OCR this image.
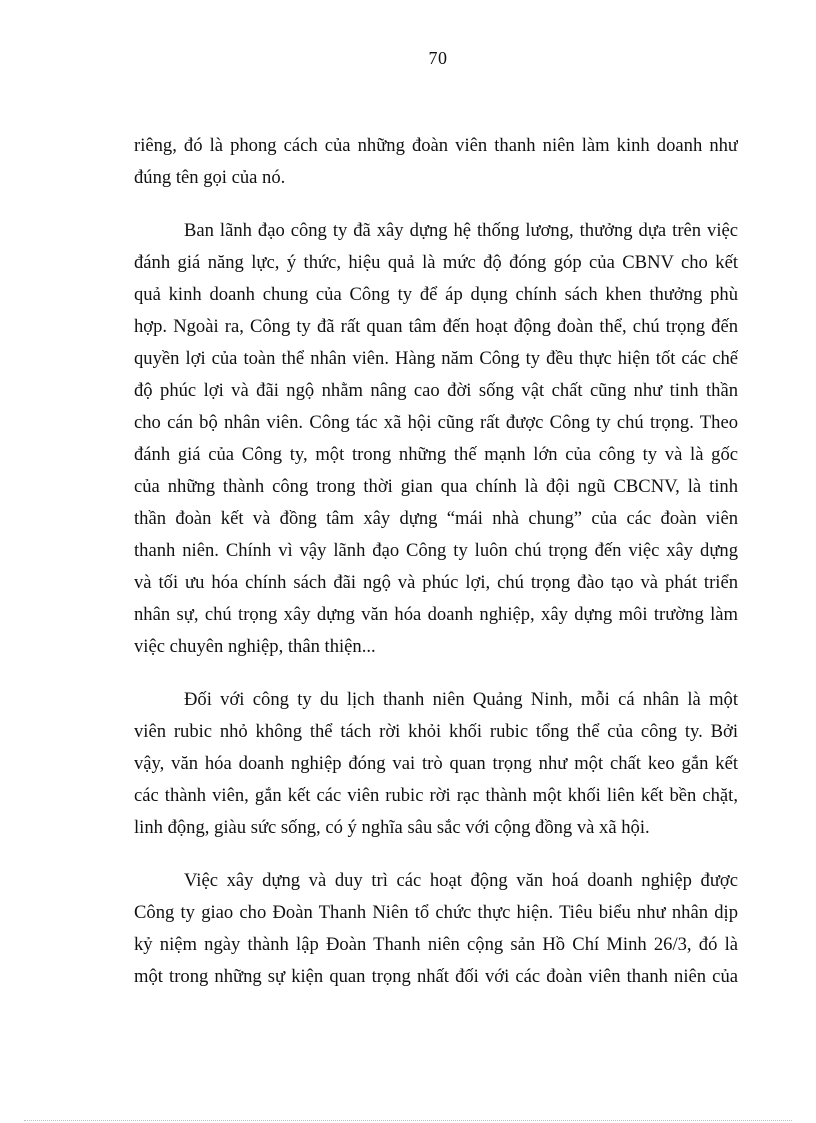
70
riêng, đó là phong cách của những đoàn viên thanh niên làm kinh doanh như
đúng tên gọi của nó.
Ban lãnh đạo công ty đã xây dựng hệ thống lương, thưởng dựa trên việc
đánh giá năng lực, ý thức, hiệu quả là mức độ đóng góp của CBNV cho kết
quả kinh doanh chung của Công ty để áp dụng chính sách khen thưởng phù
hợp. Ngoài ra, Công ty đã rất quan tâm đến hoạt động đoàn thể, chú trọng đến
quyền lợi của toàn thể nhân viên. Hàng năm Công ty đều thực hiện tốt các chế
độ phúc lợi và đãi ngộ nhằm nâng cao đời sống vật chất cũng như tinh thần
cho cán bộ nhân viên. Công tác xã hội cũng rất được Công ty chú trọng. Theo
đánh giá của Công ty, một trong những thế mạnh lớn của công ty và là gốc
của những thành công trong thời gian qua chính là đội ngũ CBCNV, là tinh
thần đoàn kết và đồng tâm xây dựng “mái nhà chung” của các đoàn viên
thanh niên. Chính vì vậy lãnh đạo Công ty luôn chú trọng đến việc xây dựng
và tối ưu hóa chính sách đãi ngộ và phúc lợi, chú trọng đào tạo và phát triển
nhân sự, chú trọng xây dựng văn hóa doanh nghiệp, xây dựng môi trường làm
việc chuyên nghiệp, thân thiện...
Đối với công ty du lịch thanh niên Quảng Ninh, mỗi cá nhân là một
viên rubic nhỏ không thể tách rời khỏi khối rubic tổng thể của công ty. Bởi
vậy, văn hóa doanh nghiệp đóng vai trò quan trọng như một chất keo gắn kết
các thành viên, gắn kết các viên rubic rời rạc thành một khối liên kết bền chặt,
linh động, giàu sức sống, có ý nghĩa sâu sắc với cộng đồng và xã hội.
Việc xây dựng và duy trì các hoạt động văn hoá doanh nghiệp được
Công ty giao cho Đoàn Thanh Niên tổ chức thực hiện. Tiêu biểu như nhân dịp
kỷ niệm ngày thành lập Đoàn Thanh niên cộng sản Hồ Chí Minh 26/3, đó là
một trong những sự kiện quan trọng nhất đối với các đoàn viên thanh niên của
